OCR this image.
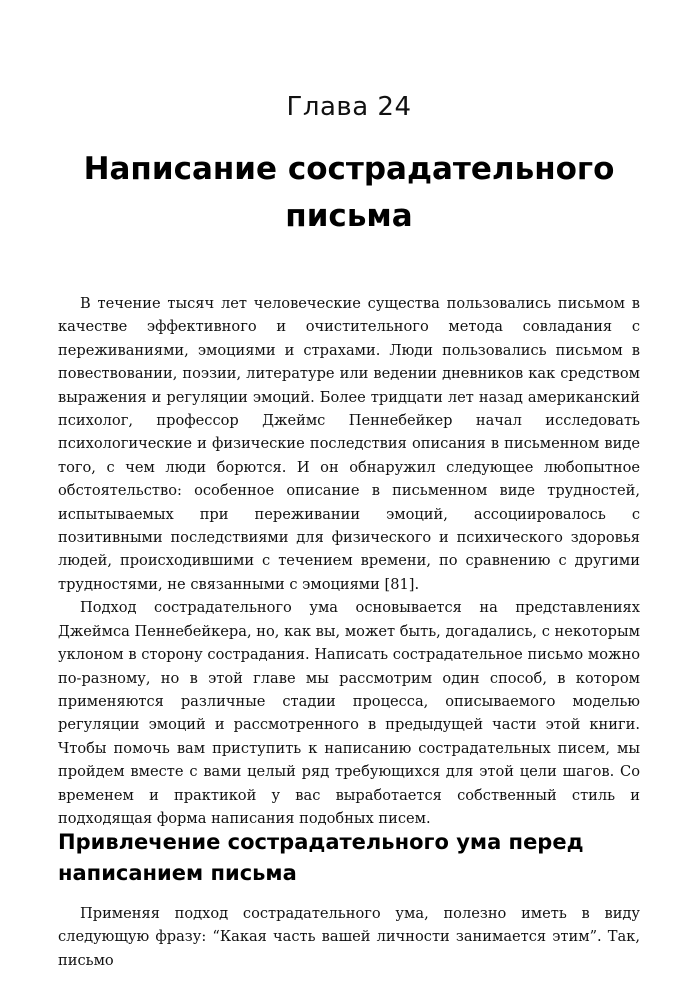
Глава 24
Написание сострадательного письма

В течение тысяч лет человеческие существа пользовались письмом в качестве эффективного и очистительного метода совладания с переживаниями, эмоциями и страхами. Люди пользовались письмом в повествовании, поэзии, литературе или ведении дневников как средством выражения и регуляции эмоций. Более тридцати лет назад американский психолог, профессор Джеймс Пеннебейкер начал исследовать психологические и физические последствия описания в письменном виде того, с чем люди борются. И он обнаружил следующее любопытное обстоятельство: особенное описание в письменном виде трудностей, испытываемых при переживании эмоций, ассоциировалось с позитивными последствиями для физического и психического здоровья людей, происходившими с течением времени, по сравнению с другими трудностями, не связанными с эмоциями [81].

Подход сострадательного ума основывается на представлениях Джеймса Пеннебейкера, но, как вы, может быть, догадались, с некоторым уклоном в сторону сострадания. Написать сострадательное письмо можно по-разному, но в этой главе мы рассмотрим один способ, в котором применяются различные стадии процесса, описываемого моделью регуляции эмоций и рассмотренного в предыдущей части этой книги. Чтобы помочь вам приступить к написанию сострадательных писем, мы пройдем вместе с вами целый ряд требующихся для этой цели шагов. Со временем и практикой у вас выработается собственный стиль и подходящая форма написания подобных писем.

Привлечение сострадательного ума перед написанием письма

Применяя подход сострадательного ума, полезно иметь в виду следующую фразу: “Какая часть вашей личности занимается этим”. Так, письмо
